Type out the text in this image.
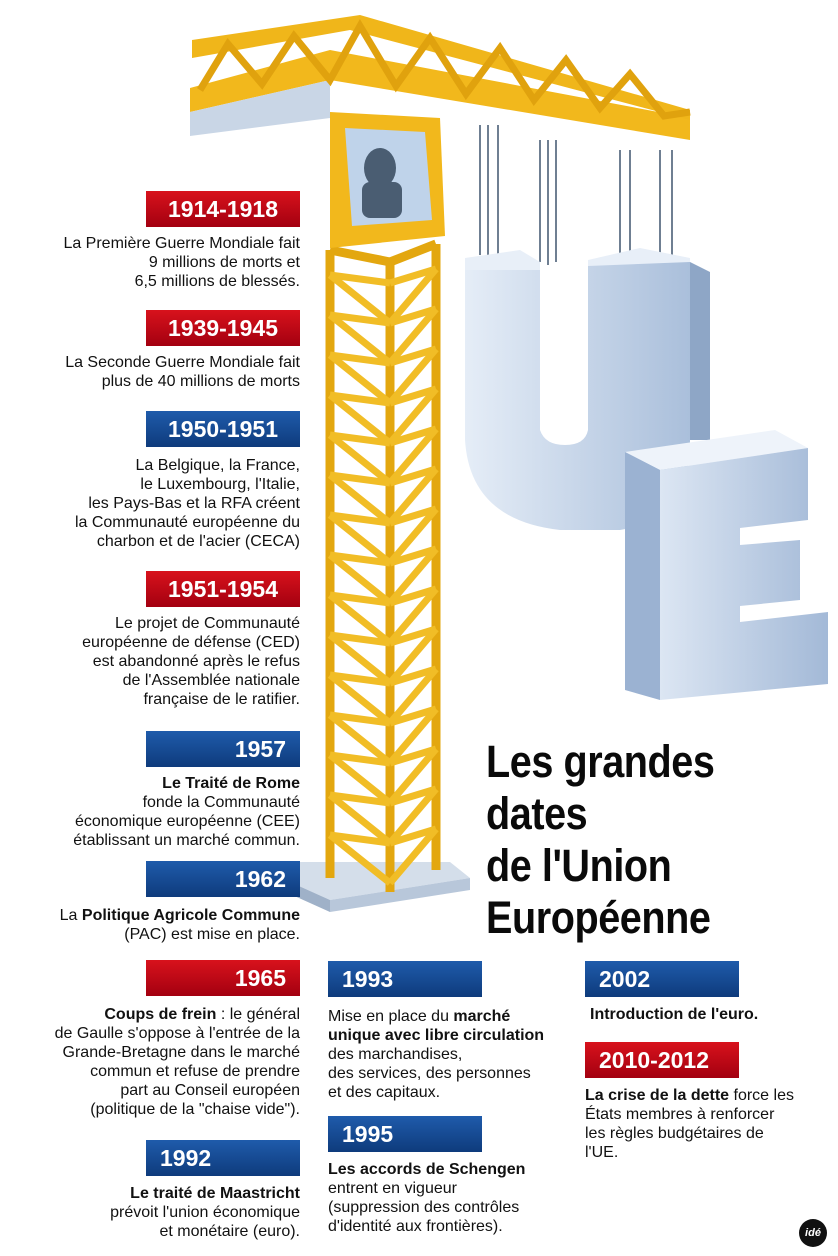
1914-1918
La Première Guerre Mondiale fait
9 millions de morts et
6,5 millions de blessés.
1939-1945
La Seconde Guerre Mondiale fait
plus de 40 millions de morts
1950-1951
La Belgique, la France,
le Luxembourg, l'Italie,
les Pays-Bas et la RFA créent
la Communauté européenne du
charbon et de l'acier (CECA)
1951-1954
Le projet de Communauté
européenne de défense (CED)
est abandonné après le refus
de l'Assemblée nationale
française de le ratifier.
1957
Le Traité de Rome
fonde la Communauté
économique européenne (CEE)
établissant un marché commun.
1962
La Politique Agricole Commune
(PAC) est mise en place.
1965
Coups de frein : le général
de Gaulle s'oppose à l'entrée de la
Grande-Bretagne dans le marché
commun et refuse de prendre
part au Conseil européen
(politique de la "chaise vide").
1992
Le traité de Maastricht
prévoit l'union économique
et monétaire (euro).
1993
Mise en place du marché
unique avec libre circulation
des marchandises,
des services, des personnes
et des capitaux.
1995
Les accords de Schengen
entrent en vigueur
(suppression des contrôles
d'identité aux frontières).
2002
Introduction de l'euro.
2010-2012
La crise de la dette force les
États membres à renforcer
les règles budgétaires de
l'UE.
Les grandes
dates
de l'Union
Européenne
idé
